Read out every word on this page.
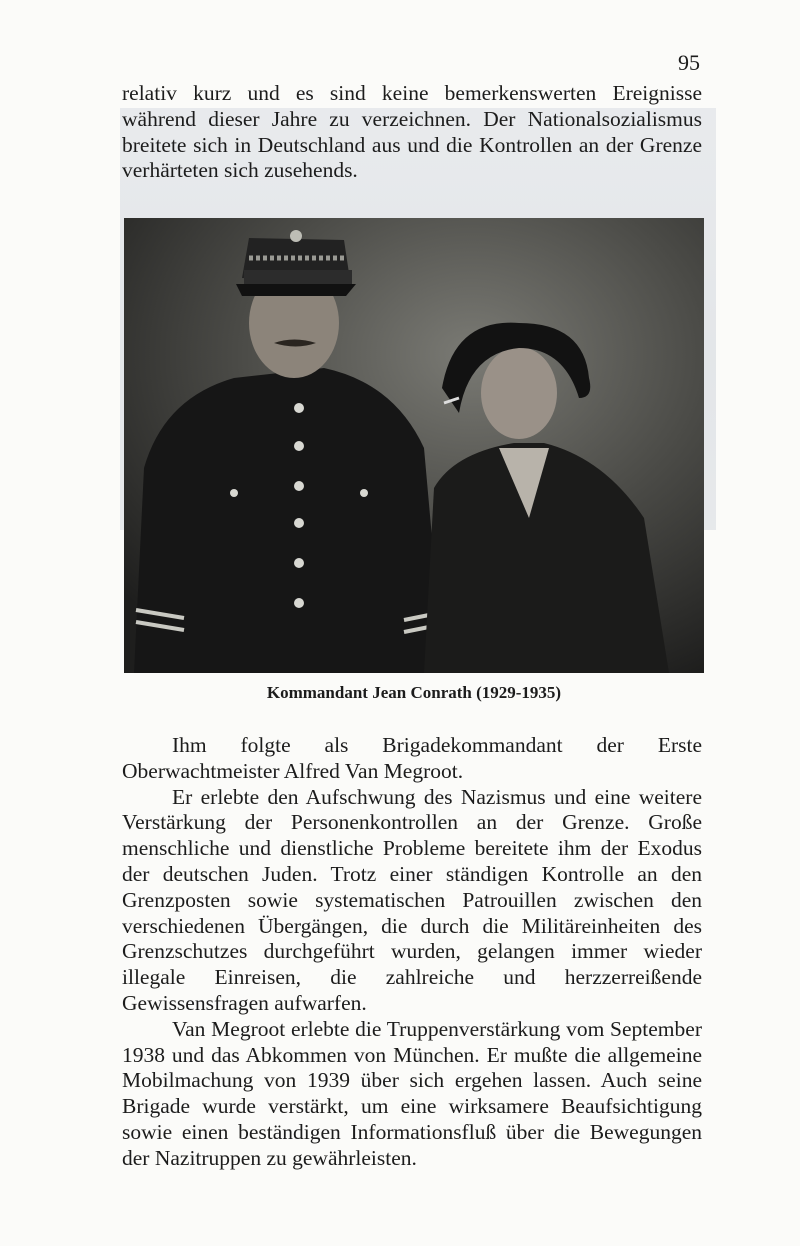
95

relativ kurz und es sind keine bemerkenswerten Ereignisse während dieser Jahre zu verzeichnen. Der Nationalsozialismus breitete sich in Deutschland aus und die Kontrollen an der Grenze verhärteten sich zusehends.

Kommandant Jean Conrath (1929-1935)

Ihm folgte als Brigadekommandant der Erste Oberwachtmeister Alfred Van Megroot.

Er erlebte den Aufschwung des Nazismus und eine weitere Verstärkung der Personenkontrollen an der Grenze. Große menschliche und dienstliche Probleme bereitete ihm der Exodus der deutschen Juden. Trotz einer ständigen Kontrolle an den Grenzposten sowie systematischen Patrouillen zwischen den verschiedenen Übergängen, die durch die Militäreinheiten des Grenzschutzes durchgeführt wurden, gelangen immer wieder illegale Einreisen, die zahlreiche und herzzerreißende Gewissensfragen aufwarfen.

Van Megroot erlebte die Truppenverstärkung vom September 1938 und das Abkommen von München. Er mußte die allgemeine Mobilmachung von 1939 über sich ergehen lassen. Auch seine Brigade wurde verstärkt, um eine wirksamere Beaufsichtigung sowie einen beständigen Informationsfluß über die Bewegungen der Nazitruppen zu gewährleisten.
